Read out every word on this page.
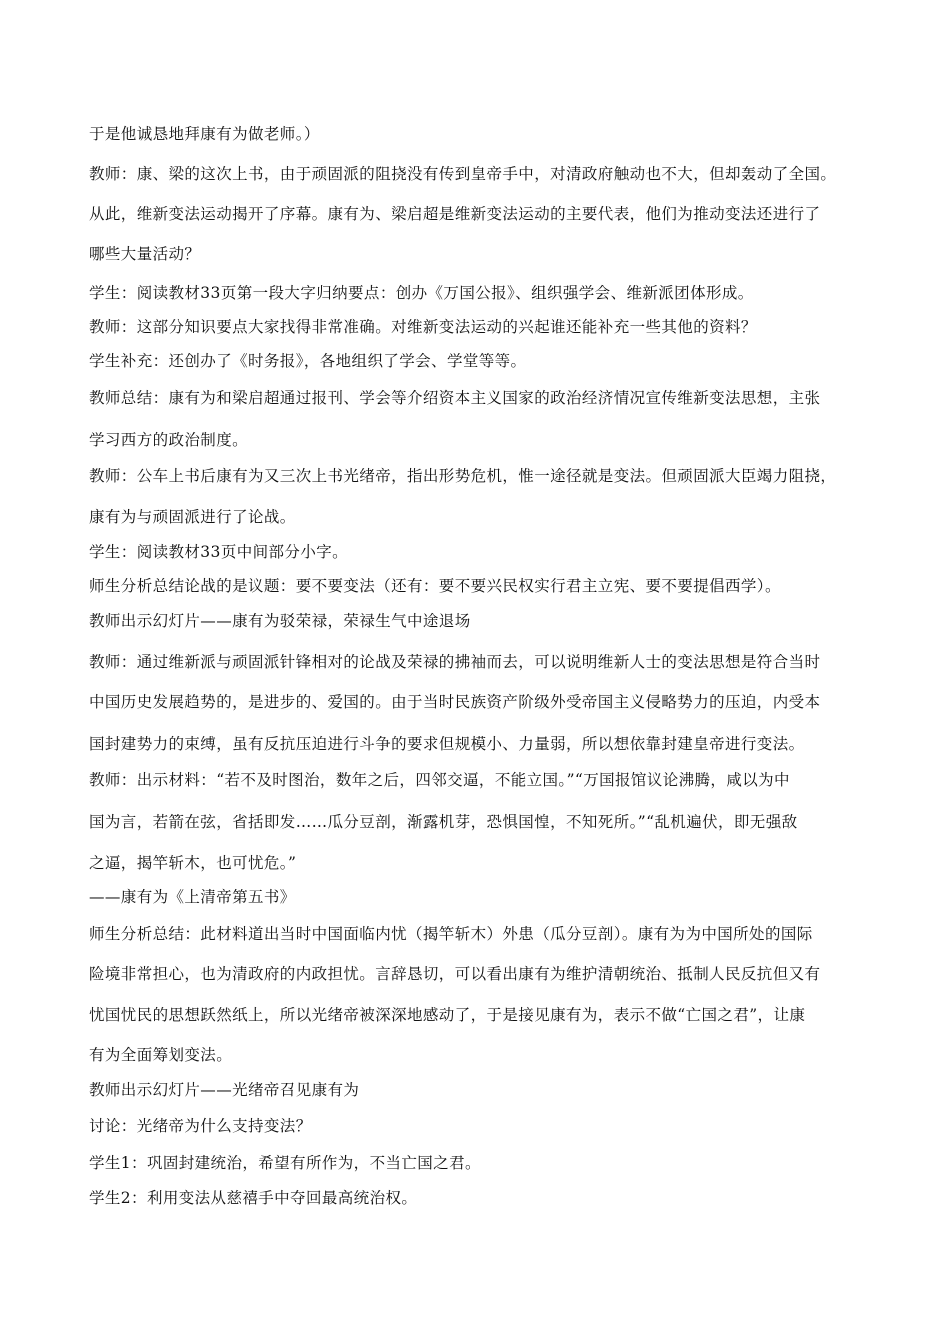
于是他诚恳地拜康有为做老师。）
教师：康、梁的这次上书，由于顽固派的阻挠没有传到皇帝手中，对清政府触动也不大，但却轰动了全国。
从此，维新变法运动揭开了序幕。康有为、梁启超是维新变法运动的主要代表，他们为推动变法还进行了
哪些大量活动？
学生：阅读教材33页第一段大字归纳要点：创办《万国公报》、组织强学会、维新派团体形成。
教师：这部分知识要点大家找得非常准确。对维新变法运动的兴起谁还能补充一些其他的资料？
学生补充：还创办了《时务报》，各地组织了学会、学堂等等。
教师总结：康有为和梁启超通过报刊、学会等介绍资本主义国家的政治经济情况宣传维新变法思想，主张
学习西方的政治制度。
教师：公车上书后康有为又三次上书光绪帝，指出形势危机，惟一途径就是变法。但顽固派大臣竭力阻挠，
康有为与顽固派进行了论战。
学生：阅读教材33页中间部分小字。
师生分析总结论战的是议题：要不要变法（还有：要不要兴民权实行君主立宪、要不要提倡西学）。
教师出示幻灯片——康有为驳荣禄，荣禄生气中途退场
教师：通过维新派与顽固派针锋相对的论战及荣禄的拂袖而去，可以说明维新人士的变法思想是符合当时
中国历史发展趋势的，是进步的、爱国的。由于当时民族资产阶级外受帝国主义侵略势力的压迫，内受本
国封建势力的束缚，虽有反抗压迫进行斗争的要求但规模小、力量弱，所以想依靠封建皇帝进行变法。
教师：出示材料：“若不及时图治，数年之后，四邻交逼，不能立国。”“万国报馆议论沸腾，咸以为中
国为言，若箭在弦，省括即发……瓜分豆剖，渐露机芽，恐惧国惶，不知死所。”“乱机遍伏，即无强敌
之逼，揭竿斩木，也可忧危。”
——康有为《上清帝第五书》
师生分析总结：此材料道出当时中国面临内忧（揭竿斩木）外患（瓜分豆剖）。康有为为中国所处的国际
险境非常担心，也为清政府的内政担忧。言辞恳切，可以看出康有为维护清朝统治、抵制人民反抗但又有
忧国忧民的思想跃然纸上，所以光绪帝被深深地感动了，于是接见康有为，表示不做“亡国之君”，让康
有为全面筹划变法。
教师出示幻灯片——光绪帝召见康有为
讨论：光绪帝为什么支持变法？
学生1：巩固封建统治，希望有所作为，不当亡国之君。
学生2：利用变法从慈禧手中夺回最高统治权。
